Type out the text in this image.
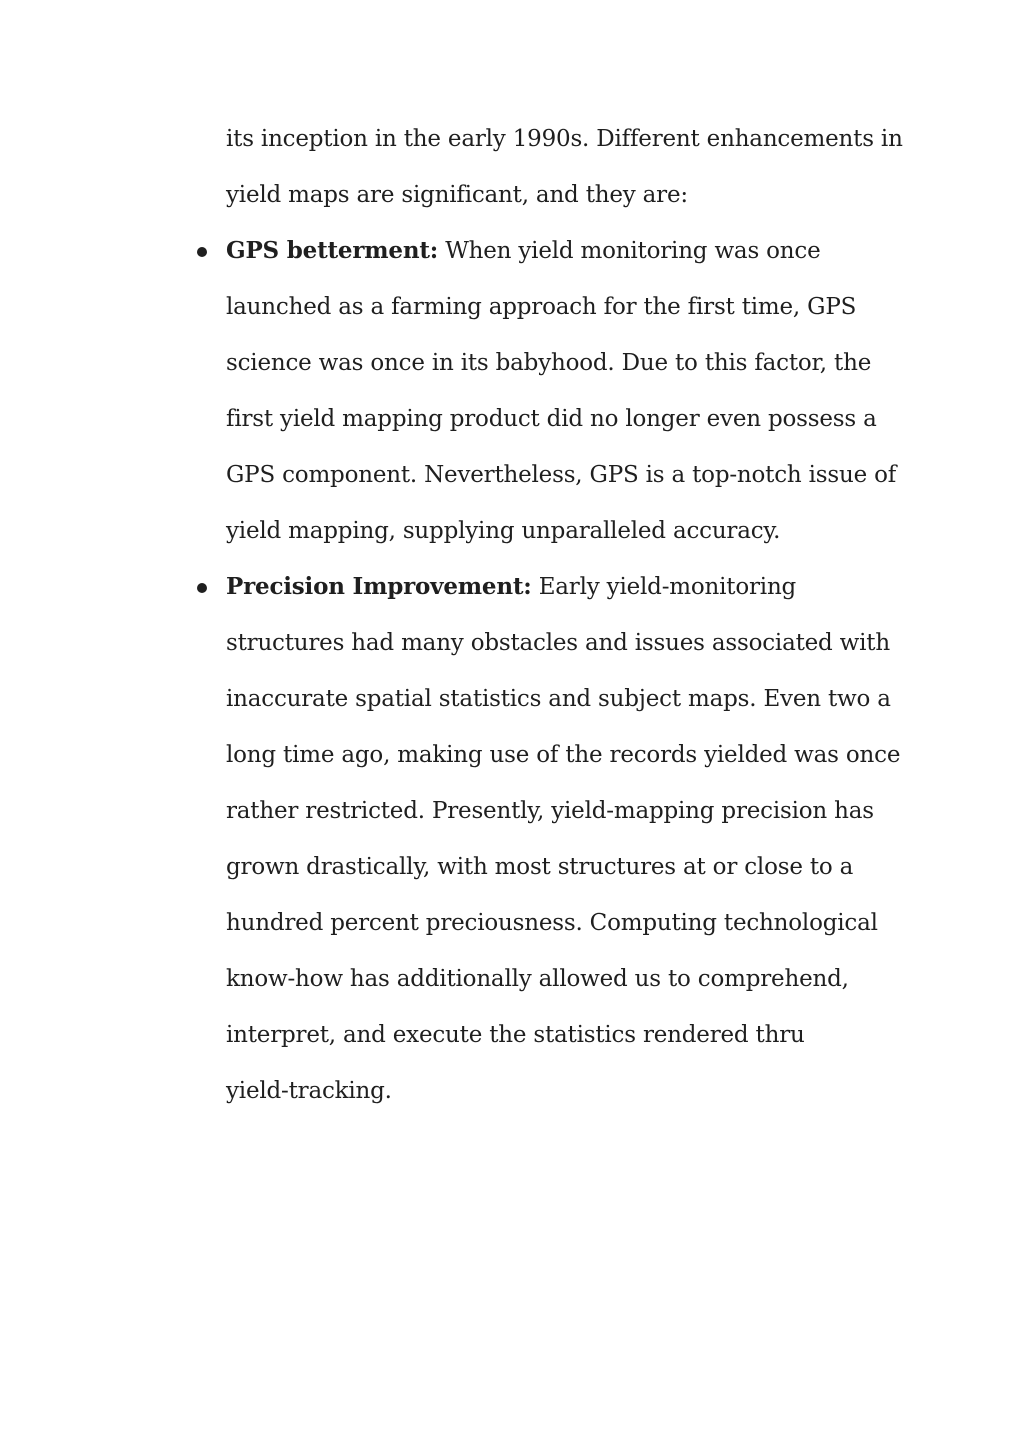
its inception in the early 1990s. Different enhancements in
yield maps are significant, and they are:
GPS betterment: When yield monitoring was once
launched as a farming approach for the first time, GPS
science was once in its babyhood. Due to this factor, the
first yield mapping product did no longer even possess a
GPS component. Nevertheless, GPS is a top-notch issue of
yield mapping, supplying unparalleled accuracy.
Precision Improvement: Early yield-monitoring
structures had many obstacles and issues associated with
inaccurate spatial statistics and subject maps. Even two a
long time ago, making use of the records yielded was once
rather restricted. Presently, yield-mapping precision has
grown drastically, with most structures at or close to a
hundred percent preciousness. Computing technological
know-how has additionally allowed us to comprehend,
interpret, and execute the statistics rendered thru
yield-tracking.
